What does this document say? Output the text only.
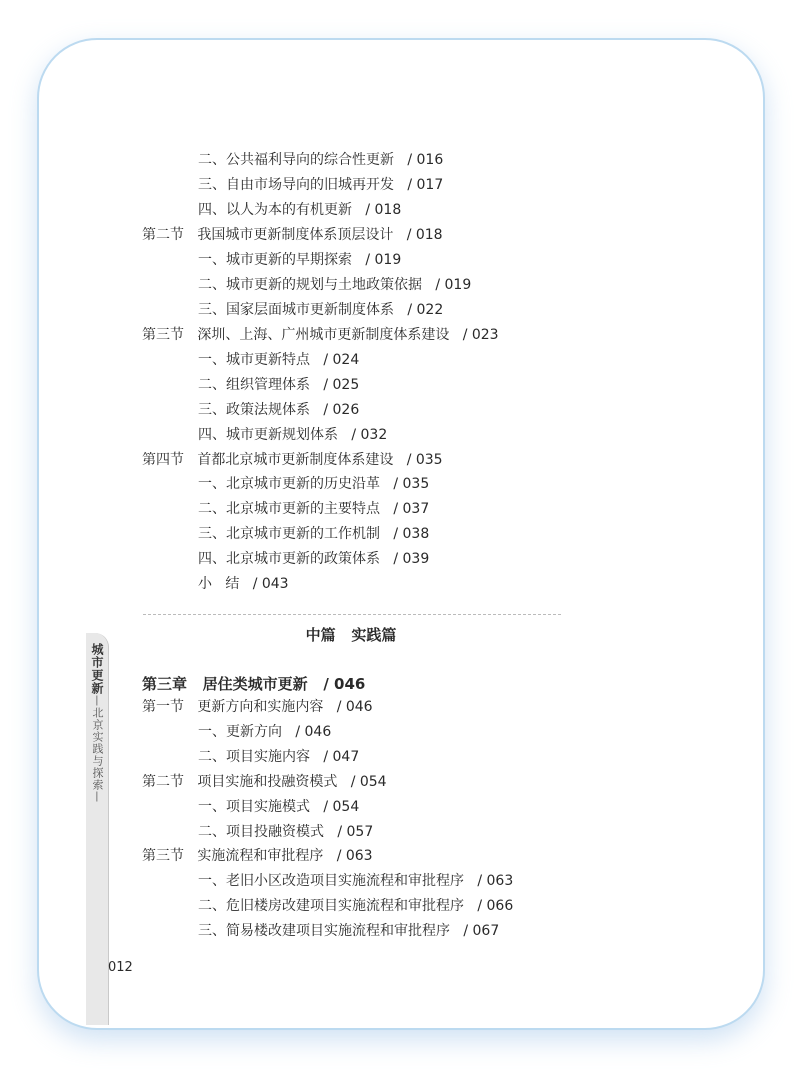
二、公共福利导向的综合性更新   / 016
三、自由市场导向的旧城再开发   / 017
四、以人为本的有机更新   / 018
第二节   我国城市更新制度体系顶层设计   / 018
一、城市更新的早期探索   / 019
二、城市更新的规划与土地政策依据   / 019
三、国家层面城市更新制度体系   / 022
第三节   深圳、上海、广州城市更新制度体系建设   / 023
一、城市更新特点   / 024
二、组织管理体系   / 025
三、政策法规体系   / 026
四、城市更新规划体系   / 032
第四节   首都北京城市更新制度体系建设   / 035
一、北京城市更新的历史沿革   / 035
二、北京城市更新的主要特点   / 037
三、北京城市更新的工作机制   / 038
四、北京城市更新的政策体系   / 039
小   结   / 043
中篇   实践篇
第三章   居住类城市更新   / 046
第一节   更新方向和实施内容   / 046
一、更新方向   / 046
二、项目实施内容   / 047
第二节   项目实施和投融资模式   / 054
一、项目实施模式   / 054
二、项目投融资模式   / 057
第三节   实施流程和审批程序   / 063
一、老旧小区改造项目实施流程和审批程序   / 063
二、危旧楼房改建项目实施流程和审批程序   / 066
三、简易楼改建项目实施流程和审批程序   / 067
城市更新—北京实践与探索—
012
